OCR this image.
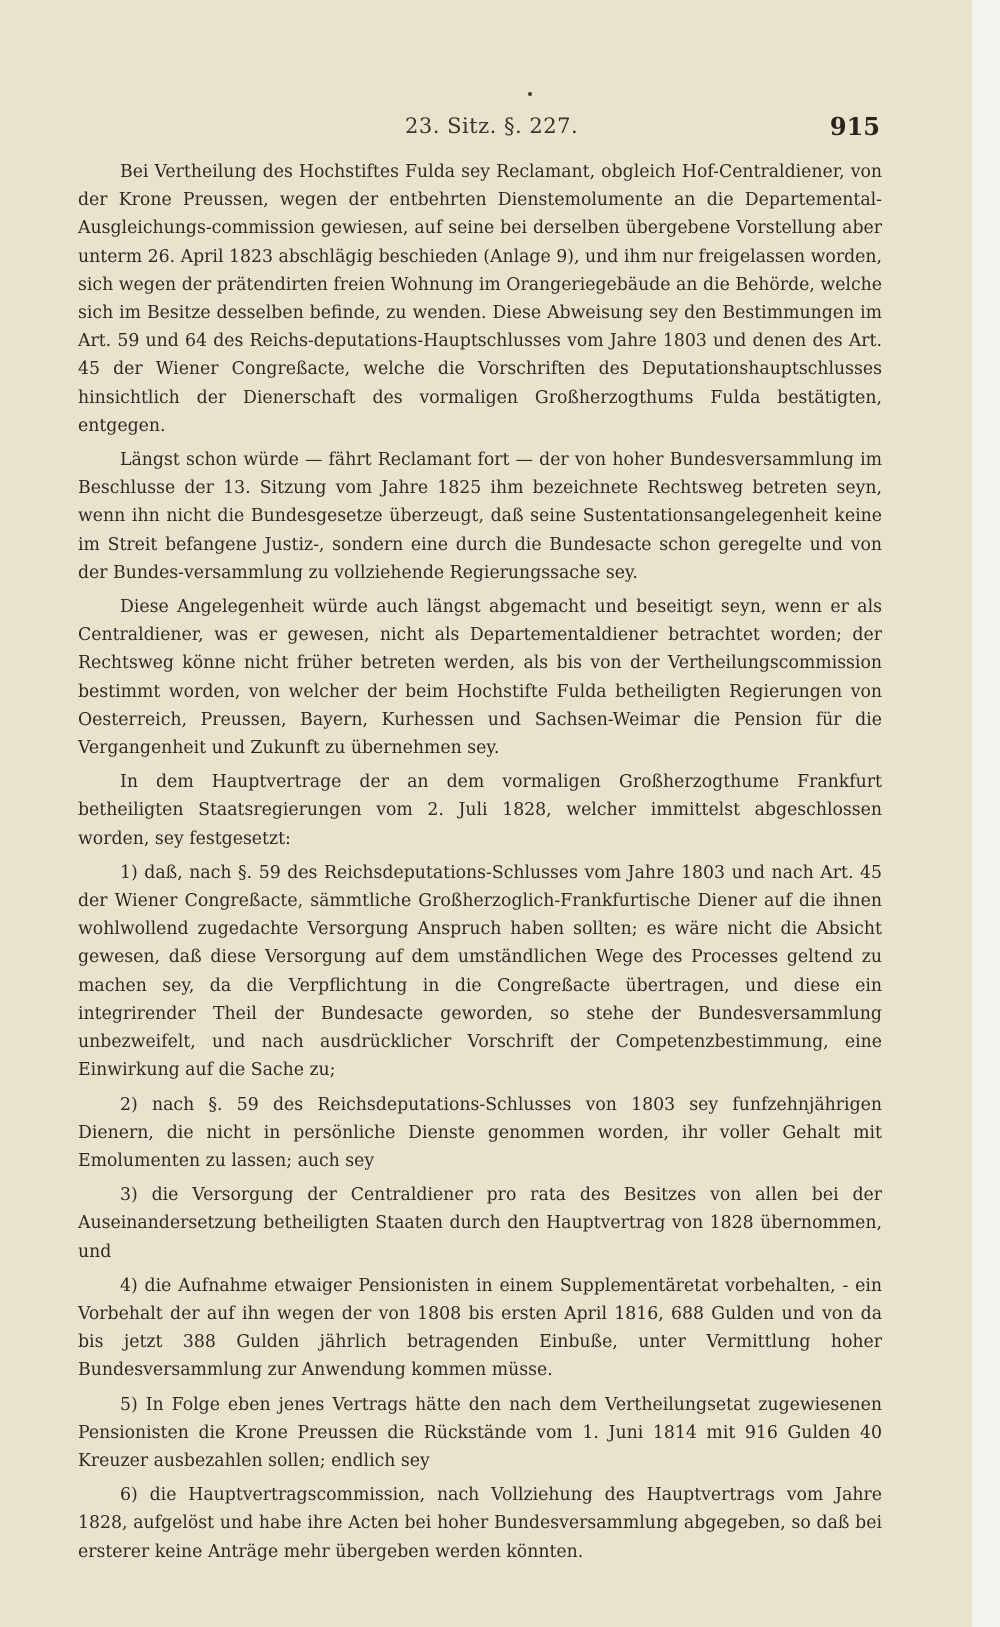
23. Sitz. §. 227.	915

Bei Vertheilung des Hochstiftes Fulda sey Reclamant, obgleich Hof-Centraldiener, von der Krone Preussen, wegen der entbehrten Dienstemolumente an die Departemental-Ausgleichungs-commission gewiesen, auf seine bei derselben übergebene Vorstellung aber unterm 26. April 1823 abschlägig beschieden (Anlage 9), und ihm nur freigelassen worden, sich wegen der prätendirten freien Wohnung im Orangeriegebäude an die Behörde, welche sich im Besitze desselben befinde, zu wenden. Diese Abweisung sey den Bestimmungen im Art. 59 und 64 des Reichs-deputations-Hauptschlusses vom Jahre 1803 und denen des Art. 45 der Wiener Congreßacte, welche die Vorschriften des Deputationshauptschlusses hinsichtlich der Dienerschaft des vormaligen Großherzogthums Fulda bestätigten, entgegen.

Längst schon würde — fährt Reclamant fort — der von hoher Bundesversammlung im Beschlusse der 13. Sitzung vom Jahre 1825 ihm bezeichnete Rechtsweg betreten seyn, wenn ihn nicht die Bundesgesetze überzeugt, daß seine Sustentationsangelegenheit keine im Streit befangene Justiz-, sondern eine durch die Bundesacte schon geregelte und von der Bundes-versammlung zu vollziehende Regierungssache sey.

Diese Angelegenheit würde auch längst abgemacht und beseitigt seyn, wenn er als Centraldiener, was er gewesen, nicht als Departementaldiener betrachtet worden; der Rechtsweg könne nicht früher betreten werden, als bis von der Vertheilungscommission bestimmt worden, von welcher der beim Hochstifte Fulda betheiligten Regierungen von Oesterreich, Preussen, Bayern, Kurhessen und Sachsen-Weimar die Pension für die Vergangenheit und Zukunft zu übernehmen sey.

In dem Hauptvertrage der an dem vormaligen Großherzogthume Frankfurt betheiligten Staatsregierungen vom 2. Juli 1828, welcher immittelst abgeschlossen worden, sey festgesetzt:

1) daß, nach §. 59 des Reichsdeputations-Schlusses vom Jahre 1803 und nach Art. 45 der Wiener Congreßacte, sämmtliche Großherzoglich-Frankfurtische Diener auf die ihnen wohlwollend zugedachte Versorgung Anspruch haben sollten; es wäre nicht die Absicht gewesen, daß diese Versorgung auf dem umständlichen Wege des Processes geltend zu machen sey, da die Verpflichtung in die Congreßacte übertragen, und diese ein integrirender Theil der Bundesacte geworden, so stehe der Bundesversammlung unbezweifelt, und nach ausdrücklicher Vorschrift der Competenzbestimmung, eine Einwirkung auf die Sache zu;

2) nach §. 59 des Reichsdeputations-Schlusses von 1803 sey funfzehnjährigen Dienern, die nicht in persönliche Dienste genommen worden, ihr voller Gehalt mit Emolumenten zu lassen; auch sey

3) die Versorgung der Centraldiener pro rata des Besitzes von allen bei der Auseinandersetzung betheiligten Staaten durch den Hauptvertrag von 1828 übernommen, und

4) die Aufnahme etwaiger Pensionisten in einem Supplementäretat vorbehalten, - ein Vorbehalt der auf ihn wegen der von 1808 bis ersten April 1816, 688 Gulden und von da bis jetzt 388 Gulden jährlich betragenden Einbuße, unter Vermittlung hoher Bundesversammlung zur Anwendung kommen müsse.

5) In Folge eben jenes Vertrags hätte den nach dem Vertheilungsetat zugewiesenen Pensionisten die Krone Preussen die Rückstände vom 1. Juni 1814 mit 916 Gulden 40 Kreuzer ausbezahlen sollen; endlich sey

6) die Hauptvertragscommission, nach Vollziehung des Hauptvertrags vom Jahre 1828, aufgelöst und habe ihre Acten bei hoher Bundesversammlung abgegeben, so daß bei ersterer keine Anträge mehr übergeben werden könnten.
